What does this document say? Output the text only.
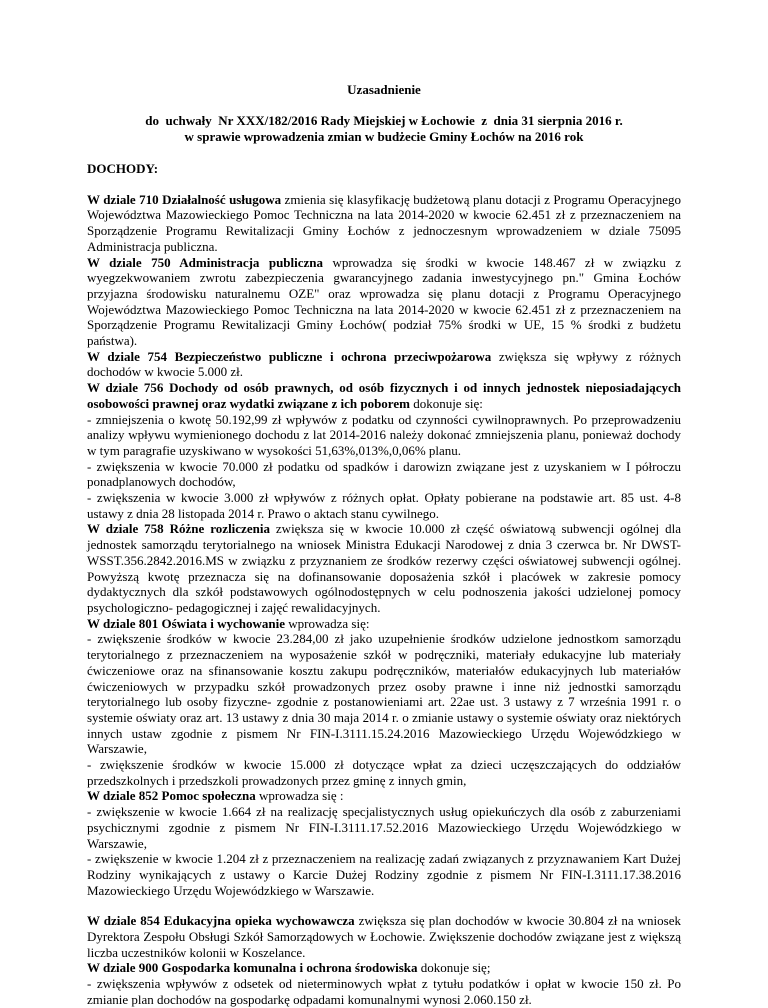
Uzasadnienie
do  uchwały  Nr XXX/182/2016 Rady Miejskiej w Łochowie  z  dnia 31 sierpnia 2016 r.
w sprawie wprowadzenia zmian w budżecie Gminy Łochów na 2016 rok
DOCHODY:
W dziale 710 Działalność usługowa zmienia się klasyfikację budżetową planu dotacji z Programu Operacyjnego Województwa Mazowieckiego Pomoc Techniczna na lata 2014-2020 w kwocie 62.451 zł z przeznaczeniem na Sporządzenie Programu Rewitalizacji Gminy Łochów z jednoczesnym wprowadzeniem w dziale 75095 Administracja publiczna.
W dziale 750 Administracja publiczna wprowadza się środki w kwocie 148.467 zł w związku z wyegzekwowaniem zwrotu zabezpieczenia gwarancyjnego zadania inwestycyjnego pn." Gmina Łochów przyjazna środowisku naturalnemu OZE" oraz wprowadza się planu dotacji z Programu Operacyjnego Województwa Mazowieckiego Pomoc Techniczna na lata 2014-2020 w kwocie 62.451 zł z przeznaczeniem na Sporządzenie Programu Rewitalizacji Gminy Łochów( podział 75% środki w UE, 15 % środki z budżetu państwa).
W dziale 754 Bezpieczeństwo publiczne i ochrona przeciwpożarowa zwiększa się wpływy z różnych dochodów w kwocie 5.000 zł.
W dziale 756 Dochody od osób prawnych, od osób fizycznych i od innych jednostek nieposiadających osobowości prawnej oraz wydatki związane z ich poborem dokonuje się:
- zmniejszenia o kwotę 50.192,99 zł wpływów z podatku od czynności cywilnoprawnych. Po przeprowadzeniu analizy wpływu wymienionego dochodu z lat 2014-2016 należy dokonać zmniejszenia planu, ponieważ dochody w tym paragrafie uzyskiwano w wysokości 51,63%,013%,0,06% planu.
- zwiększenia w kwocie 70.000 zł podatku od spadków i darowizn związane jest z uzyskaniem w I półroczu ponadplanowych dochodów,
- zwiększenia w kwocie 3.000 zł wpływów z różnych opłat. Opłaty pobierane na podstawie art. 85 ust. 4-8 ustawy z dnia 28 listopada 2014 r. Prawo o aktach stanu cywilnego.
W dziale 758 Różne rozliczenia zwiększa się w kwocie 10.000 zł część oświatową subwencji ogólnej dla jednostek samorządu terytorialnego na wniosek Ministra Edukacji Narodowej z dnia 3 czerwca br. Nr DWST-WSST.356.2842.2016.MS w związku z przyznaniem ze środków rezerwy części oświatowej subwencji ogólnej. Powyższą kwotę przeznacza się na dofinansowanie doposażenia szkół i placówek w zakresie pomocy dydaktycznych dla szkół podstawowych ogólnodostępnych w celu podnoszenia jakości udzielonej pomocy psychologiczno- pedagogicznej i zajęć rewalidacyjnych.
W dziale 801 Oświata i wychowanie wprowadza się:
- zwiększenie środków w kwocie 23.284,00 zł jako uzupełnienie środków udzielone jednostkom samorządu terytorialnego z przeznaczeniem na wyposażenie szkół w podręczniki, materiały edukacyjne lub materiały ćwiczeniowe oraz na sfinansowanie kosztu zakupu podręczników, materiałów edukacyjnych lub materiałów ćwiczeniowych w przypadku szkół prowadzonych przez osoby prawne i inne niż jednostki samorządu terytorialnego lub osoby fizyczne- zgodnie z postanowieniami art. 22ae ust. 3 ustawy z 7 września 1991 r. o systemie oświaty oraz art. 13 ustawy z dnia 30 maja 2014 r. o zmianie ustawy o systemie oświaty oraz niektórych innych ustaw zgodnie z pismem Nr FIN-I.3111.15.24.2016 Mazowieckiego Urzędu Wojewódzkiego w Warszawie,
- zwiększenie środków w kwocie 15.000 zł dotyczące wpłat za dzieci uczęszczających do oddziałów przedszkolnych i przedszkoli prowadzonych przez gminę z innych gmin,
W dziale 852 Pomoc społeczna wprowadza się :
- zwiększenie w kwocie 1.664 zł na realizację specjalistycznych usług opiekuńczych dla osób z zaburzeniami psychicznymi zgodnie z pismem Nr FIN-I.3111.17.52.2016 Mazowieckiego Urzędu Wojewódzkiego w Warszawie,
- zwiększenie w kwocie 1.204 zł z przeznaczeniem na realizację zadań związanych z przyznawaniem Kart Dużej Rodziny wynikających z ustawy o Karcie Dużej Rodziny zgodnie z pismem Nr FIN-I.3111.17.38.2016 Mazowieckiego Urzędu Wojewódzkiego w Warszawie.
W dziale 854 Edukacyjna opieka wychowawcza zwiększa się plan dochodów w kwocie 30.804 zł na wniosek Dyrektora Zespołu Obsługi Szkół Samorządowych w Łochowie. Zwiększenie dochodów związane jest z większą liczba uczestników kolonii w Koszelance.
W dziale 900 Gospodarka komunalna i ochrona środowiska dokonuje się;
- zwiększenia wpływów z odsetek od nieterminowych wpłat z tytułu podatków i opłat w kwocie 150 zł. Po zmianie plan dochodów na gospodarkę odpadami komunalnymi wynosi 2.060.150 zł.
